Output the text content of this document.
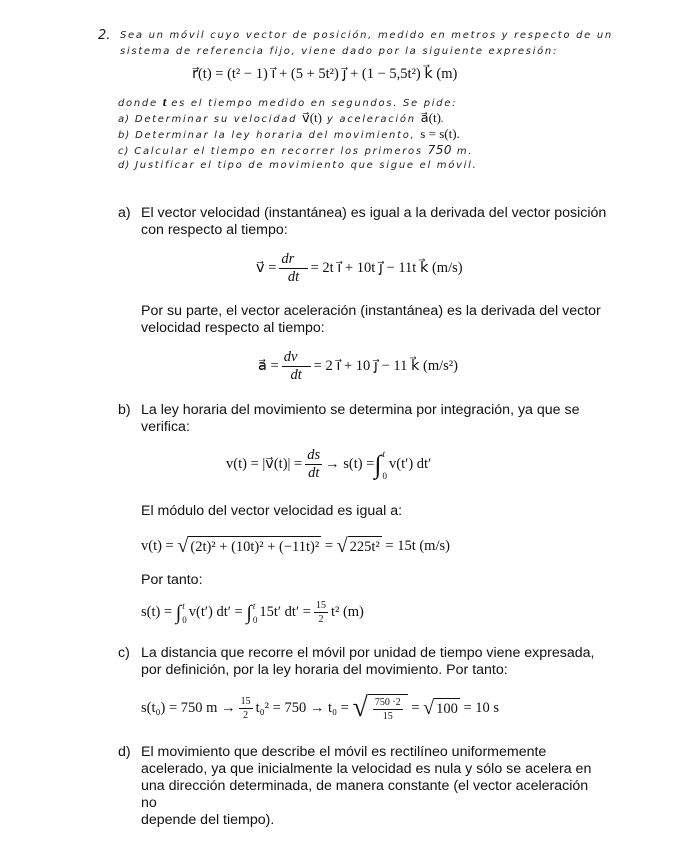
2. Sea un móvil cuyo vector de posición, medido en metros y respecto de un
sistema de referencia fijo, viene dado por la siguiente expresión:
r⃗(t) = (t² − 1) i⃗ + (5 + 5t²) j⃗ + (1 − 5,5t²) k⃗ (m)
donde t es el tiempo medido en segundos. Se pide:
a) Determinar su velocidad v⃗(t) y aceleración a⃗(t).
b) Determinar la ley horaria del movimiento, s = s(t).
c) Calcular el tiempo en recorrer los primeros 750 m.
d) Justificar el tipo de movimiento que sigue el móvil.
a) El vector velocidad (instantánea) es igual a la derivada del vector posición
con respecto al tiempo:
v⃗ = $\frac{dr⃗}{dt} = 2t$ i⃗ + 10t j⃗ − 11t k⃗ (m/s)
Por su parte, el vector aceleración (instantánea) es la derivada del vector
velocidad respecto al tiempo:
a⃗ = $\frac{dv⃗}{dt} = 2$ i⃗ + 10 j⃗ − 11 k⃗ (m/s²)
b) La ley horaria del movimiento se determina por integración, ya que se
verifica:
v(t) = |v⃗(t)| = $\frac{ds}{dt} \to s(t)$ = ∫ t
0
v(t′) dt′
El módulo del vector velocidad es igual a:
v(t) =
√ (2t)² + (10t)² + (−11t)²
=
√ 225t²
= 15t (m/s)
Por tanto:
s(t) =
∫ t
0 v(t′) dt′ =
∫ t
0 15t′ $dt' = \frac{15}{2} t^2$ (m)
c) La distancia que recorre el móvil por unidad de tiempo viene expresada,
por definición, por la ley horaria del movimiento. Por tanto:
s(t₀) = 750 $m \to \frac{15}{2} t_0^2 = 750 \to t_0$ =
√ $\frac{750 \cdot 2}{15}$
=
√ 100
= 10 s
d) El movimiento que describe el móvil es rectilíneo uniformemente
acelerado, ya que inicialmente la velocidad es nula y sólo se acelera en
una dirección determinada, de manera constante (el vector aceleración no
depende del tiempo).
